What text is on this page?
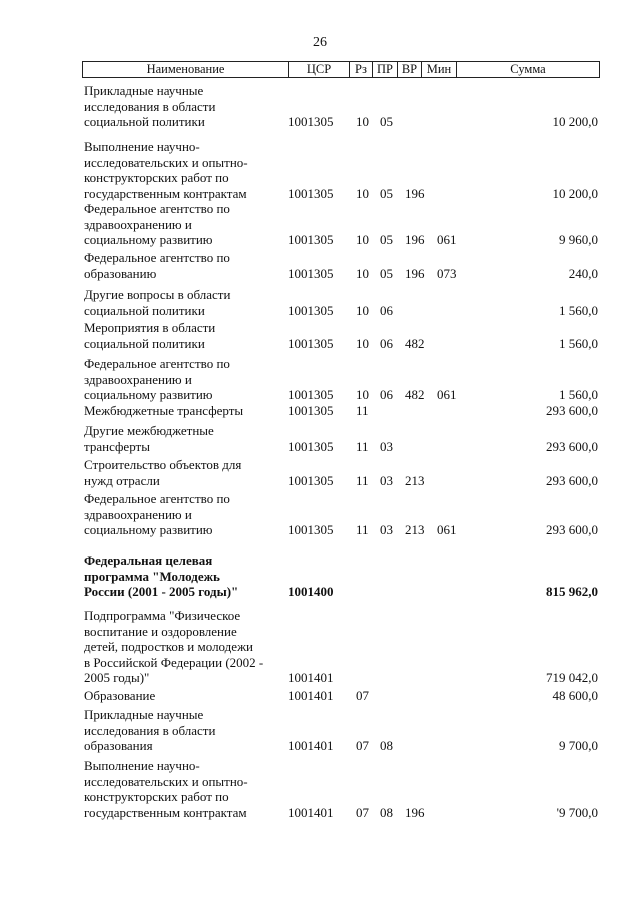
26
Наименование	ЦСР	Рз ПР ВР Мин	Сумма
Прикладные научные
исследования в области
социальной политики	1001305 10 05	10 200,0
Выполнение научно-
исследовательских и опытно-
конструкторских работ по
государственным контрактам	1001305 10 05 196	10 200,0
Федеральное агентство по
здравоохранению и
социальному развитию	1001305 10 05 196 061	9 960,0
Федеральное агентство по
образованию	1001305 10 05 196 073	240,0
Другие вопросы в области
социальной политики	1001305 10 06	1 560,0
Мероприятия в области
социальной политики	1001305 10 06 482	1 560,0
Федеральное агентство по
здравоохранению и
социальному развитию	1001305 10 06 482 061	1 560,0
Межбюджетные трансферты	1001305 11	293 600,0
Другие межбюджетные
трансферты	1001305 11 03	293 600,0
Строительство объектов для
нужд отрасли	1001305 11 03 213	293 600,0
Федеральное агентство по
здравоохранению и
социальному развитию	1001305 11 03 213 061	293 600,0
Федеральная целевая
программа "Молодежь
России (2001 - 2005 годы)"	1001400	815 962,0
Подпрограмма "Физическое
воспитание и оздоровление
детей, подростков и молодежи
в Российской Федерации (2002 -
2005 годы)"	1001401	719 042,0
Образование	1001401 07	48 600,0
Прикладные научные
исследования в области
образования	1001401 07 08	9 700,0
Выполнение научно-
исследовательских и опытно-
конструкторских работ по
государственным контрактам	1001401 07 08 196	'9 700,0
